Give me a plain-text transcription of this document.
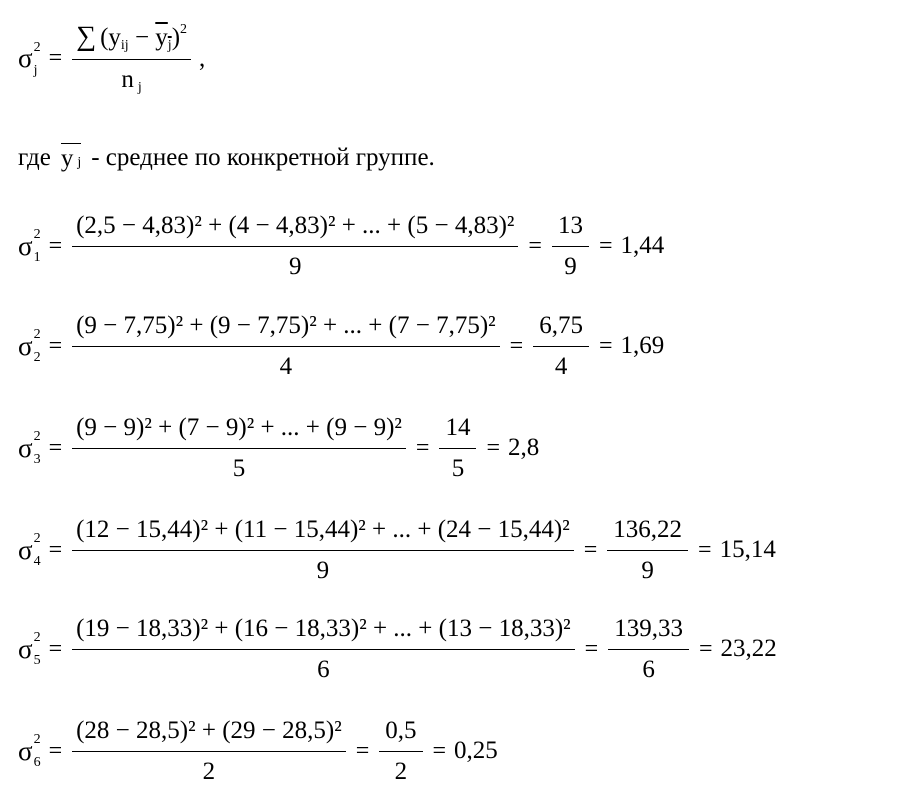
σ 2
$j = \frac{\sum (yij - yj)^2}{\text{n j}}$ ,
где y j - среднее по конкретной группе.
σ 2
$1 = \frac{\text{(2,5 − 4,83)² + (4 − 4,83)² + ... + (5 − 4,83)²}}{9} = \frac{13}{9} = 1,44$
σ 2
$2 = \frac{\text{(9 − 7,75)² + (9 − 7,75)² + ... + (7 − 7,75)²}}{4} = \frac{6,75}{4} = 1,69$
σ 2
$3 = \frac{\text{(9 − 9)² + (7 − 9)² + ... + (9 − 9)²}}{5} = \frac{14}{5} = 2,8$
σ 2
$4 = \frac{\text{(12 − 15,44)² + (11 − 15,44)² + ... + (24 − 15,44)²}}{9} = \frac{136,22}{9} = 15,14$
σ 2
$5 = \frac{\text{(19 − 18,33)² + (16 − 18,33)² + ... + (13 − 18,33)²}}{6} = \frac{139,33}{6} = 23,22$
σ 2
$6 = \frac{\text{(28 − 28,5)² + (29 − 28,5)²}}{2} = \frac{0,5}{2} = 0,25$
